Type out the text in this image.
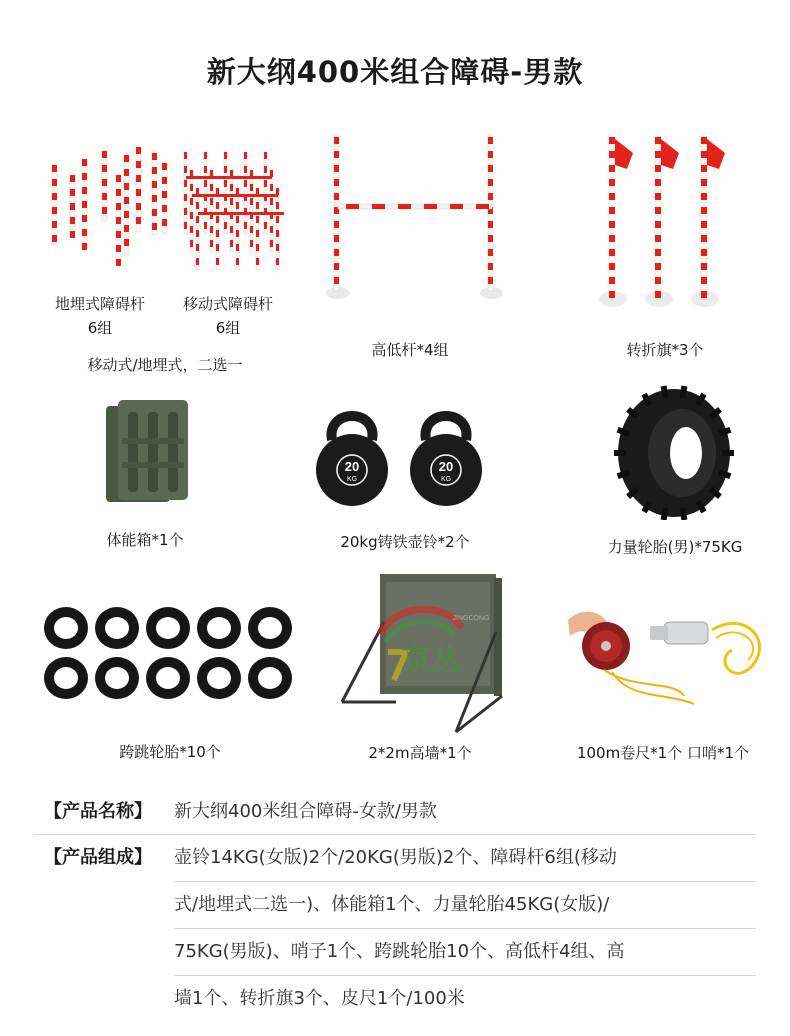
新大纲400米组合障碍-男款
地埋式障碍杆
6组
移动式障碍杆
6组
移动式/地埋式，二选一
高低杆*4组	转折旗*3个
体能箱*1个
20
KG
20
KG
20kg铸铁壶铃*2个	力量轮胎(男)*75KG
跨跳轮胎*10个
京丛
JINGCONG
2*2m高墙*1个	100m卷尺*1个 口哨*1个
【产品名称】 新大纲400米组合障碍-女款/男款
【产品组成】 壶铃14KG(女版)2个/20KG(男版)2个、障碍杆6组(移动
式/地埋式二选一)、体能箱1个、力量轮胎45KG(女版)/
75KG(男版)、哨子1个、跨跳轮胎10个、高低杆4组、高
墙1个、转折旗3个、皮尺1个/100米
